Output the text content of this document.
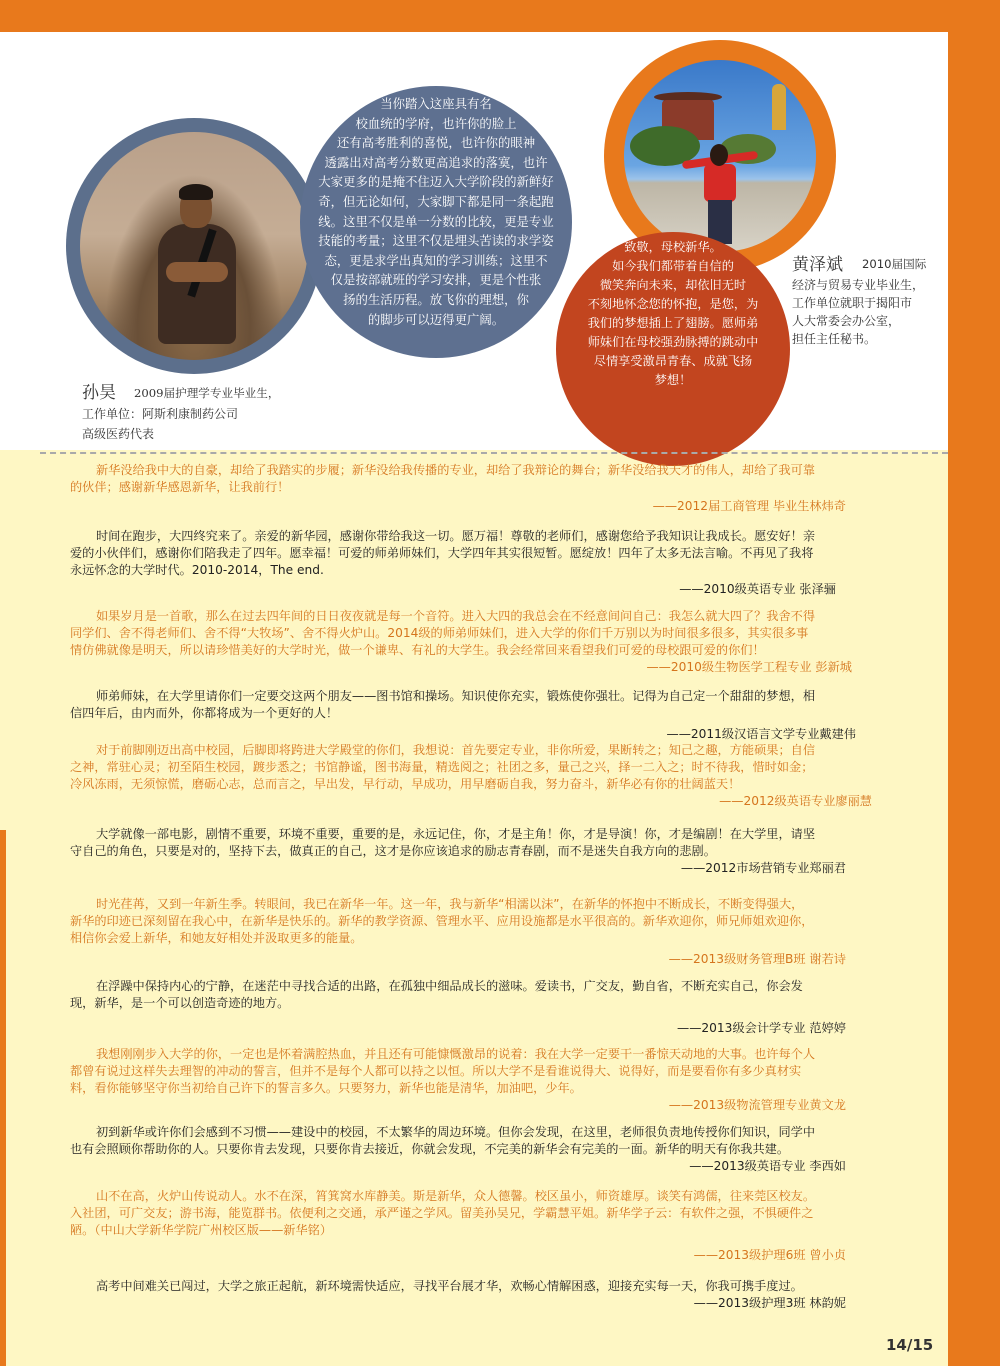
当你踏入这座具有名
校血统的学府，也许你的脸上
还有高考胜利的喜悦，也许你的眼神
透露出对高考分数更高追求的落寞，也许
大家更多的是掩不住迈入大学阶段的新鲜好
奇，但无论如何，大家脚下都是同一条起跑
线。这里不仅是单一分数的比较，更是专业
技能的考量；这里不仅是埋头苦读的求学姿
态，更是求学出真知的学习训练；这里不
仅是按部就班的学习安排，更是个性张
扬的生活历程。放飞你的理想，你
的脚步可以迈得更广阔。
致敬，母校新华。
如今我们都带着自信的
微笑奔向未来，却依旧无时
不刻地怀念您的怀抱，是您，为
我们的梦想插上了翅膀。愿师弟
师妹们在母校强劲脉搏的跳动中
尽情享受激昂青春、成就飞扬
梦想！
孙昊 2009届护理学专业毕业生，
工作单位：阿斯利康制药公司
高级医药代表
黄泽斌 2010届国际
经济与贸易专业毕业生，
工作单位就职于揭阳市
人大常委会办公室，
担任主任秘书。
新华没给我中大的自豪，却给了我踏实的步履；新华没给我传播的专业，却给了我辩论的舞台；新华没给我天才的伟人，却给了我可靠
的伙伴；感谢新华感恩新华，让我前行！
——2012届工商管理 毕业生林炜奇
时间在跑步，大四终究来了。亲爱的新华园，感谢你带给我这一切。愿万福！尊敬的老师们，感谢您给予我知识让我成长。愿安好！亲
爱的小伙伴们，感谢你们陪我走了四年。愿幸福！可爱的师弟师妹们，大学四年其实很短暂。愿绽放！四年了太多无法言喻。不再见了我将
永远怀念的大学时代。2010-2014，The end.
——2010级英语专业 张泽骊
如果岁月是一首歌，那么在过去四年间的日日夜夜就是每一个音符。进入大四的我总会在不经意间问自己：我怎么就大四了？我舍不得
同学们、舍不得老师们、舍不得“大牧场”、舍不得火炉山。2014级的师弟师妹们，进入大学的你们千万别以为时间很多很多，其实很多事
情仿佛就像是明天，所以请珍惜美好的大学时光，做一个谦卑、有礼的大学生。我会经常回来看望我们可爱的母校跟可爱的你们！
——2010级生物医学工程专业 彭新城
师弟师妹，在大学里请你们一定要交这两个朋友——图书馆和操场。知识使你充实，锻炼使你强壮。记得为自己定一个甜甜的梦想，相
信四年后，由内而外，你都将成为一个更好的人！
——2011级汉语言文学专业戴建伟
对于前脚刚迈出高中校园，后脚即将跨进大学殿堂的你们，我想说：首先要定专业，非你所爱，果断转之；知己之趣，方能硕果；自信
之神，常驻心灵；初至陌生校园，踱步悉之；书馆静谧，图书海量，精选阅之；社团之多，量己之兴，择一二入之；时不待我，惜时如金；
冷风冻雨，无须惊慌，磨砺心志，总而言之，早出发，早行动，早成功，用早磨砺自我，努力奋斗，新华必有你的壮阔蓝天！
——2012级英语专业廖丽慧
大学就像一部电影，剧情不重要，环境不重要，重要的是，永远记住，你，才是主角！你，才是导演！你，才是编剧！在大学里，请坚
守自己的角色，只要是对的，坚持下去，做真正的自己，这才是你应该追求的励志青春剧，而不是迷失自我方向的悲剧。
——2012市场营销专业郑丽君
时光荏苒，又到一年新生季。转眼间，我已在新华一年。这一年，我与新华“相濡以沫”，在新华的怀抱中不断成长，不断变得强大，
新华的印迹已深刻留在我心中，在新华是快乐的。新华的教学资源、管理水平、应用设施都是水平很高的。新华欢迎你，师兄师姐欢迎你，
相信你会爱上新华，和她友好相处并汲取更多的能量。
——2013级财务管理B班 谢若诗
在浮躁中保持内心的宁静，在迷茫中寻找合适的出路，在孤独中细品成长的滋味。爱读书，广交友，勤自省，不断充实自己，你会发
现，新华，是一个可以创造奇迹的地方。
——2013级会计学专业 范婷婷
我想刚刚步入大学的你，一定也是怀着满腔热血，并且还有可能慷慨激昂的说着：我在大学一定要干一番惊天动地的大事。也许每个人
都曾有说过这样失去理智的冲动的誓言，但并不是每个人都可以持之以恒。所以大学不是看谁说得大、说得好，而是要看你有多少真材实
料，看你能够坚守你当初给自己许下的誓言多久。只要努力，新华也能是清华，加油吧，少年。
——2013级物流管理专业黄文龙
初到新华或许你们会感到不习惯——建设中的校园，不太繁华的周边环境。但你会发现，在这里，老师很负责地传授你们知识，同学中
也有会照顾你帮助你的人。只要你肯去发现，只要你肯去接近，你就会发现，不完美的新华会有完美的一面。新华的明天有你我共建。
——2013级英语专业 李西如
山不在高，火炉山传说动人。水不在深，筲箕窝水库静美。斯是新华，众人德馨。校区虽小，师资雄厚。谈笑有鸿儒，往来莞区校友。
入社团，可广交友；游书海，能览群书。依便利之交通，承严谨之学风。留美孙吴兄，学霸慧平姐。新华学子云：有软件之强，不惧硬件之
陋。（中山大学新华学院广州校区版——新华铭）
——2013级护理6班 曾小贞
高考中间难关已闯过，大学之旅正起航，新环境需快适应，寻找平台展才华，欢畅心情解困惑，迎接充实每一天，你我可携手度过。
——2013级护理3班 林韵妮
14/15
